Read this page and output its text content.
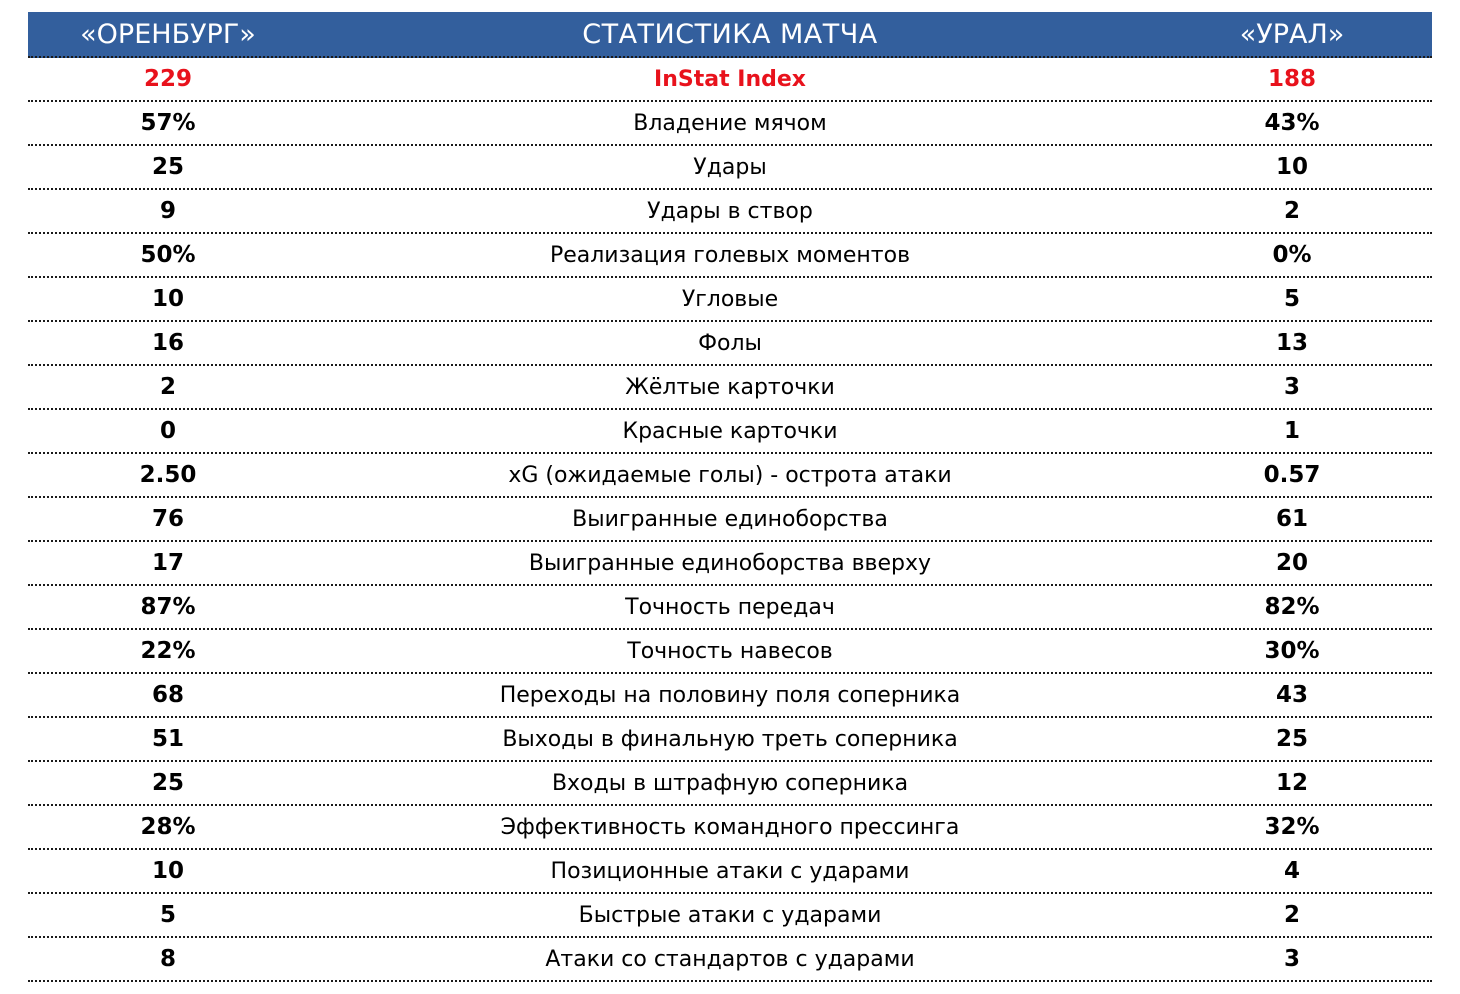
«ОРЕНБУРГ»	СТАТИСТИКА МАТЧА	«УРАЛ»
229	InStat Index	188
57%	Владение мячом	43%
25	Удары	10
9	Удары в створ	2
50%	Реализация голевых моментов	0%
10	Угловые	5
16	Фолы	13
2	Жёлтые карточки	3
0	Красные карточки	1
2.50	xG (ожидаемые голы) - острота атаки	0.57
76	Выигранные единоборства	61
17	Выигранные единоборства вверху	20
87%	Точность передач	82%
22%	Точность навесов	30%
68	Переходы на половину поля соперника	43
51	Выходы в финальную треть соперника	25
25	Входы в штрафную соперника	12
28%	Эффективность командного прессинга	32%
10	Позиционные атаки с ударами	4
5	Быстрые атаки с ударами	2
8	Атаки со стандартов с ударами	3
